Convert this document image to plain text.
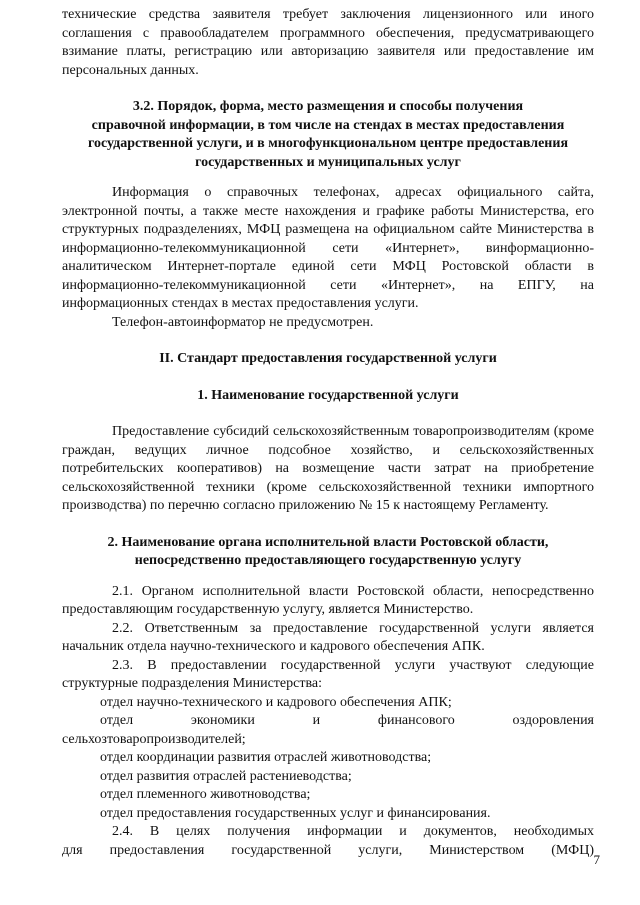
технические средства заявителя требует заключения лицензионного или иного соглашения с правообладателем программного обеспечения, предусматривающего взимание платы, регистрацию или авторизацию заявителя или предоставление им персональных данных.

3.2. Порядок, форма, место размещения и способы получения
справочной информации, в том числе на стендах в местах предоставления
государственной услуги, и в многофункциональном центре предоставления
государственных и муниципальных услуг

Информация о справочных телефонах, адресах официального сайта, электронной почты, а также месте нахождения и графике работы Министерства, его структурных подразделениях, МФЦ размещена на официальном сайте Министерства в информационно-телекоммуникационной сети «Интернет», винформационно-аналитическом Интернет-портале единой сети МФЦ Ростовской области в информационно-телекоммуникационной сети «Интернет», на ЕПГУ, на информационных стендах в местах предоставления услуги.

Телефон-автоинформатор не предусмотрен.

II. Стандарт предоставления государственной услуги
1. Наименование государственной услуги

Предоставление субсидий сельскохозяйственным товаропроизводителям (кроме граждан, ведущих личное подсобное хозяйство, и сельскохозяйственных потребительских кооперативов) на возмещение части затрат на приобретение сельскохозяйственной техники (кроме сельскохозяйственной техники импортного производства) по перечню согласно приложению № 15 к настоящему Регламенту.

2. Наименование органа исполнительной власти Ростовской области,
непосредственно предоставляющего государственную услугу

2.1. Органом исполнительной власти Ростовской области, непосредственно предоставляющим государственную услугу, является Министерство.

2.2. Ответственным за предоставление государственной услуги является начальник отдела научно-технического и кадрового обеспечения АПК.

2.3. В предоставлении государственной услуги участвуют следующие структурные подразделения Министерства:

отдел научно-технического и кадрового обеспечения АПК;

отдел экономики и финансового оздоровления

сельхозтоваропроизводителей;

отдел координации развития отраслей животноводства;

отдел развития отраслей растениеводства;

отдел племенного животноводства;

отдел предоставления государственных услуг и финансирования.

2.4. В целях получения информации и документов, необходимых

для предоставления государственной услуги, Министерством (МФЦ)

7
